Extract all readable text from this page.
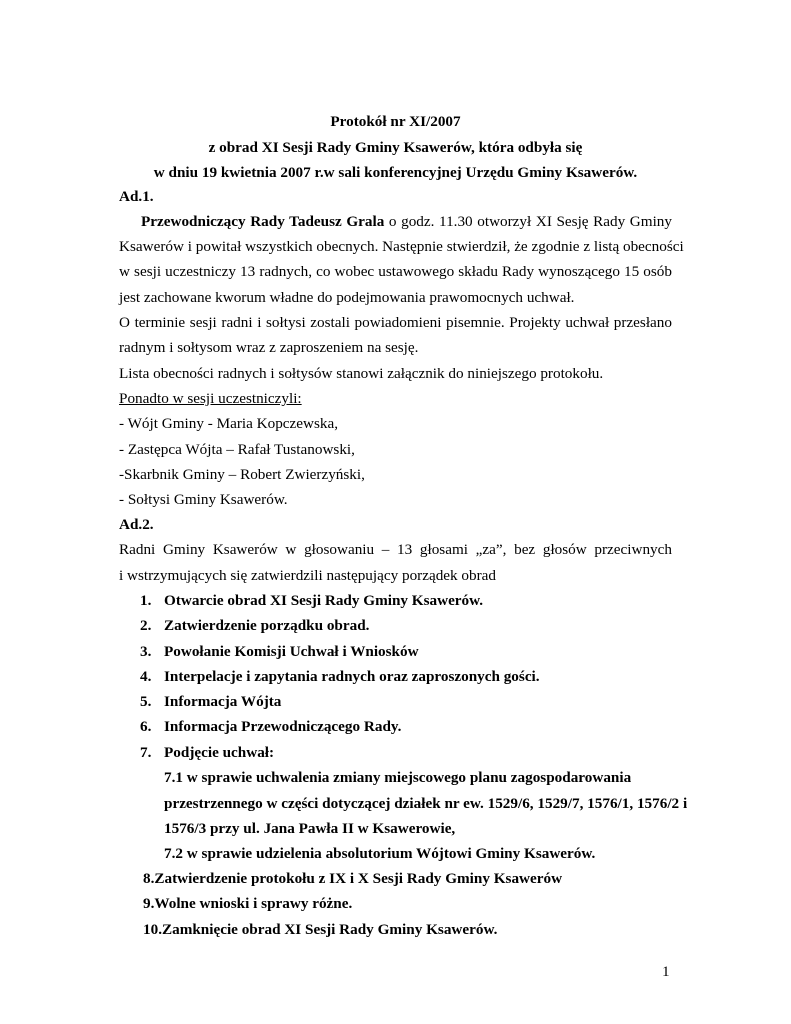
Protokół nr XI/2007
z obrad XI Sesji Rady Gminy Ksawerów, która odbyła się
w dniu 19 kwietnia 2007 r.w sali konferencyjnej Urzędu Gminy Ksawerów.
Ad.1.
Przewodniczący Rady Tadeusz Grala o godz. 11.30 otworzył XI Sesję Rady Gminy
Ksawerów i powitał wszystkich obecnych. Następnie stwierdził, że zgodnie z listą obecności
w sesji uczestniczy 13 radnych, co wobec ustawowego składu Rady wynoszącego 15 osób
jest zachowane kworum władne do podejmowania prawomocnych uchwał.
O terminie sesji radni i sołtysi zostali powiadomieni pisemnie. Projekty uchwał przesłano
radnym i sołtysom wraz z zaproszeniem na sesję.
Lista obecności radnych i sołtysów stanowi załącznik do niniejszego protokołu.
Ponadto w sesji uczestniczyli:
- Wójt Gminy - Maria Kopczewska,
- Zastępca Wójta – Rafał Tustanowski,
-Skarbnik Gminy – Robert Zwierzyński,
- Sołtysi Gminy Ksawerów.
Ad.2.
Radni Gminy Ksawerów w głosowaniu – 13 głosami „za”, bez głosów przeciwnych
i wstrzymujących się zatwierdzili następujący porządek obrad
1. Otwarcie obrad XI Sesji Rady Gminy Ksawerów.
2. Zatwierdzenie porządku obrad.
3. Powołanie Komisji Uchwał i Wniosków
4. Interpelacje i zapytania radnych oraz zaproszonych gości.
5. Informacja Wójta
6. Informacja Przewodniczącego Rady.
7. Podjęcie uchwał:
7.1 w sprawie uchwalenia zmiany miejscowego planu zagospodarowania
przestrzennego w części dotyczącej działek nr ew. 1529/6, 1529/7, 1576/1, 1576/2 i
1576/3 przy ul. Jana Pawła II w Ksawerowie,
7.2 w sprawie udzielenia absolutorium Wójtowi Gminy Ksawerów.
8.Zatwierdzenie protokołu z IX i X Sesji Rady Gminy Ksawerów
9.Wolne wnioski i sprawy różne.
10.Zamknięcie obrad XI Sesji Rady Gminy Ksawerów.
1
